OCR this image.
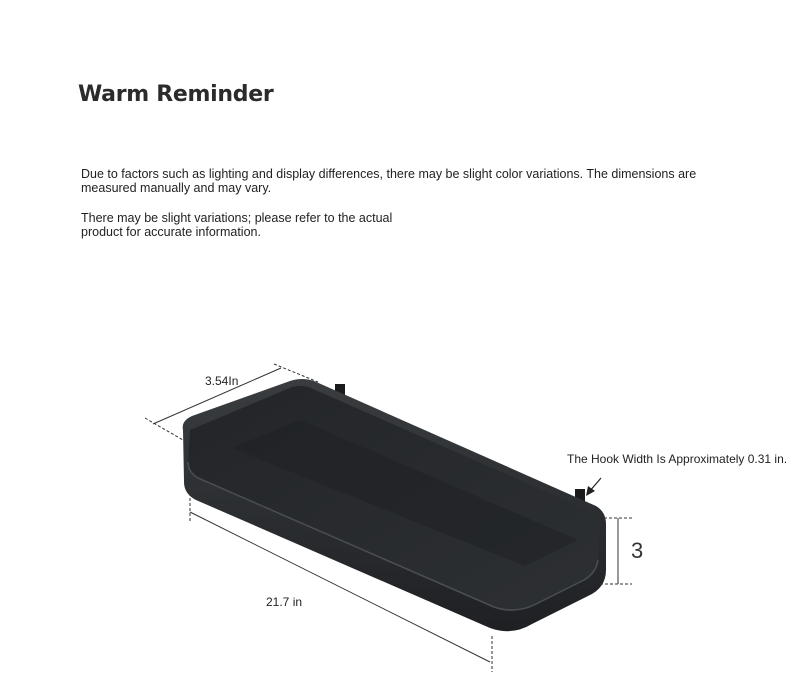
Warm Reminder

Due to factors such as lighting and display differences, there may be slight color variations. The dimensions are measured manually and may vary.

There may be slight variations; please refer to the actual product for accurate information.

3.54In
21.7 in
The Hook Width Is Approximately 0.31 in.
3
